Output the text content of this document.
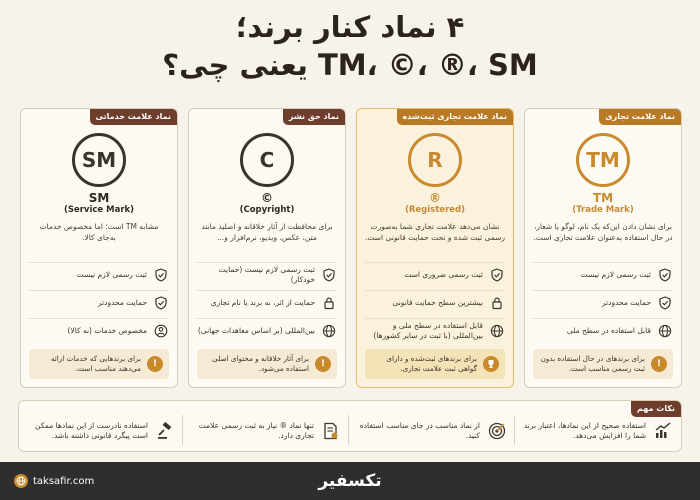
۴ نماد کنار برند؛
TM، ©، ®، SM یعنی چی؟
نماد علامت تجاری
TM
TM
(Trade Mark)
برای نشان دادن این‌که یک نام، لوگو یا شعار، در حال استفاده به‌عنوان علامت تجاری است.
ثبت رسمی لازم نیست
حمایت محدودتر
قابل استفاده در سطح ملی
!
برای برندهای در حال استفاده بدون ثبت رسمی مناسب است.
نماد علامت تجاری ثبت‌شده
R
®
(Registered)
نشان می‌دهد علامت تجاری شما به‌صورت رسمی ثبت شده و تحت حمایت قانونی است.
ثبت رسمی ضروری است
بیشترین سطح حمایت قانونی
قابل استفاده در سطح ملی و بین‌المللی (با ثبت در سایر کشورها)
برای برندهای ثبت‌شده و دارای گواهی ثبت علامت تجاری.
نماد حق نشر
C
©
(Copyright)
برای محافظت از آثار خلاقانه و اصلید مانند متن، عکس، ویدیو، نرم‌افزار و...
ثبت رسمی لازم نیست (حمایت خودکار)
حمایت از اثر، نه برند یا نام تجاری
بین‌المللی (بر اساس معاهدات جهانی)
!
برای آثار خلاقانه و محتوای اصلی استفاده می‌شود.
نماد علامت خدماتی
SM
SM
(Service Mark)
مشابه TM است؛ اما مخصوص خدمات به‌جای کالا.
ثبت رسمی لازم نیست
حمایت محدودتر
مخصوص خدمات (نه کالا)
!
برای برندهایی که خدمات ارائه می‌دهند مناسب است.
نکات مهم
استفاده صحیح از این نمادها، اعتبار برند شما را افزایش می‌دهد.
از نماد مناسب در جای مناسب استفاده کنید.
تنها نماد ® نیاز به ثبت رسمی علامت تجاری دارد.
استفاده نادرست از این نمادها ممکن است پیگرد قانونی داشته باشد.
تکسفیر
taksafir.com
